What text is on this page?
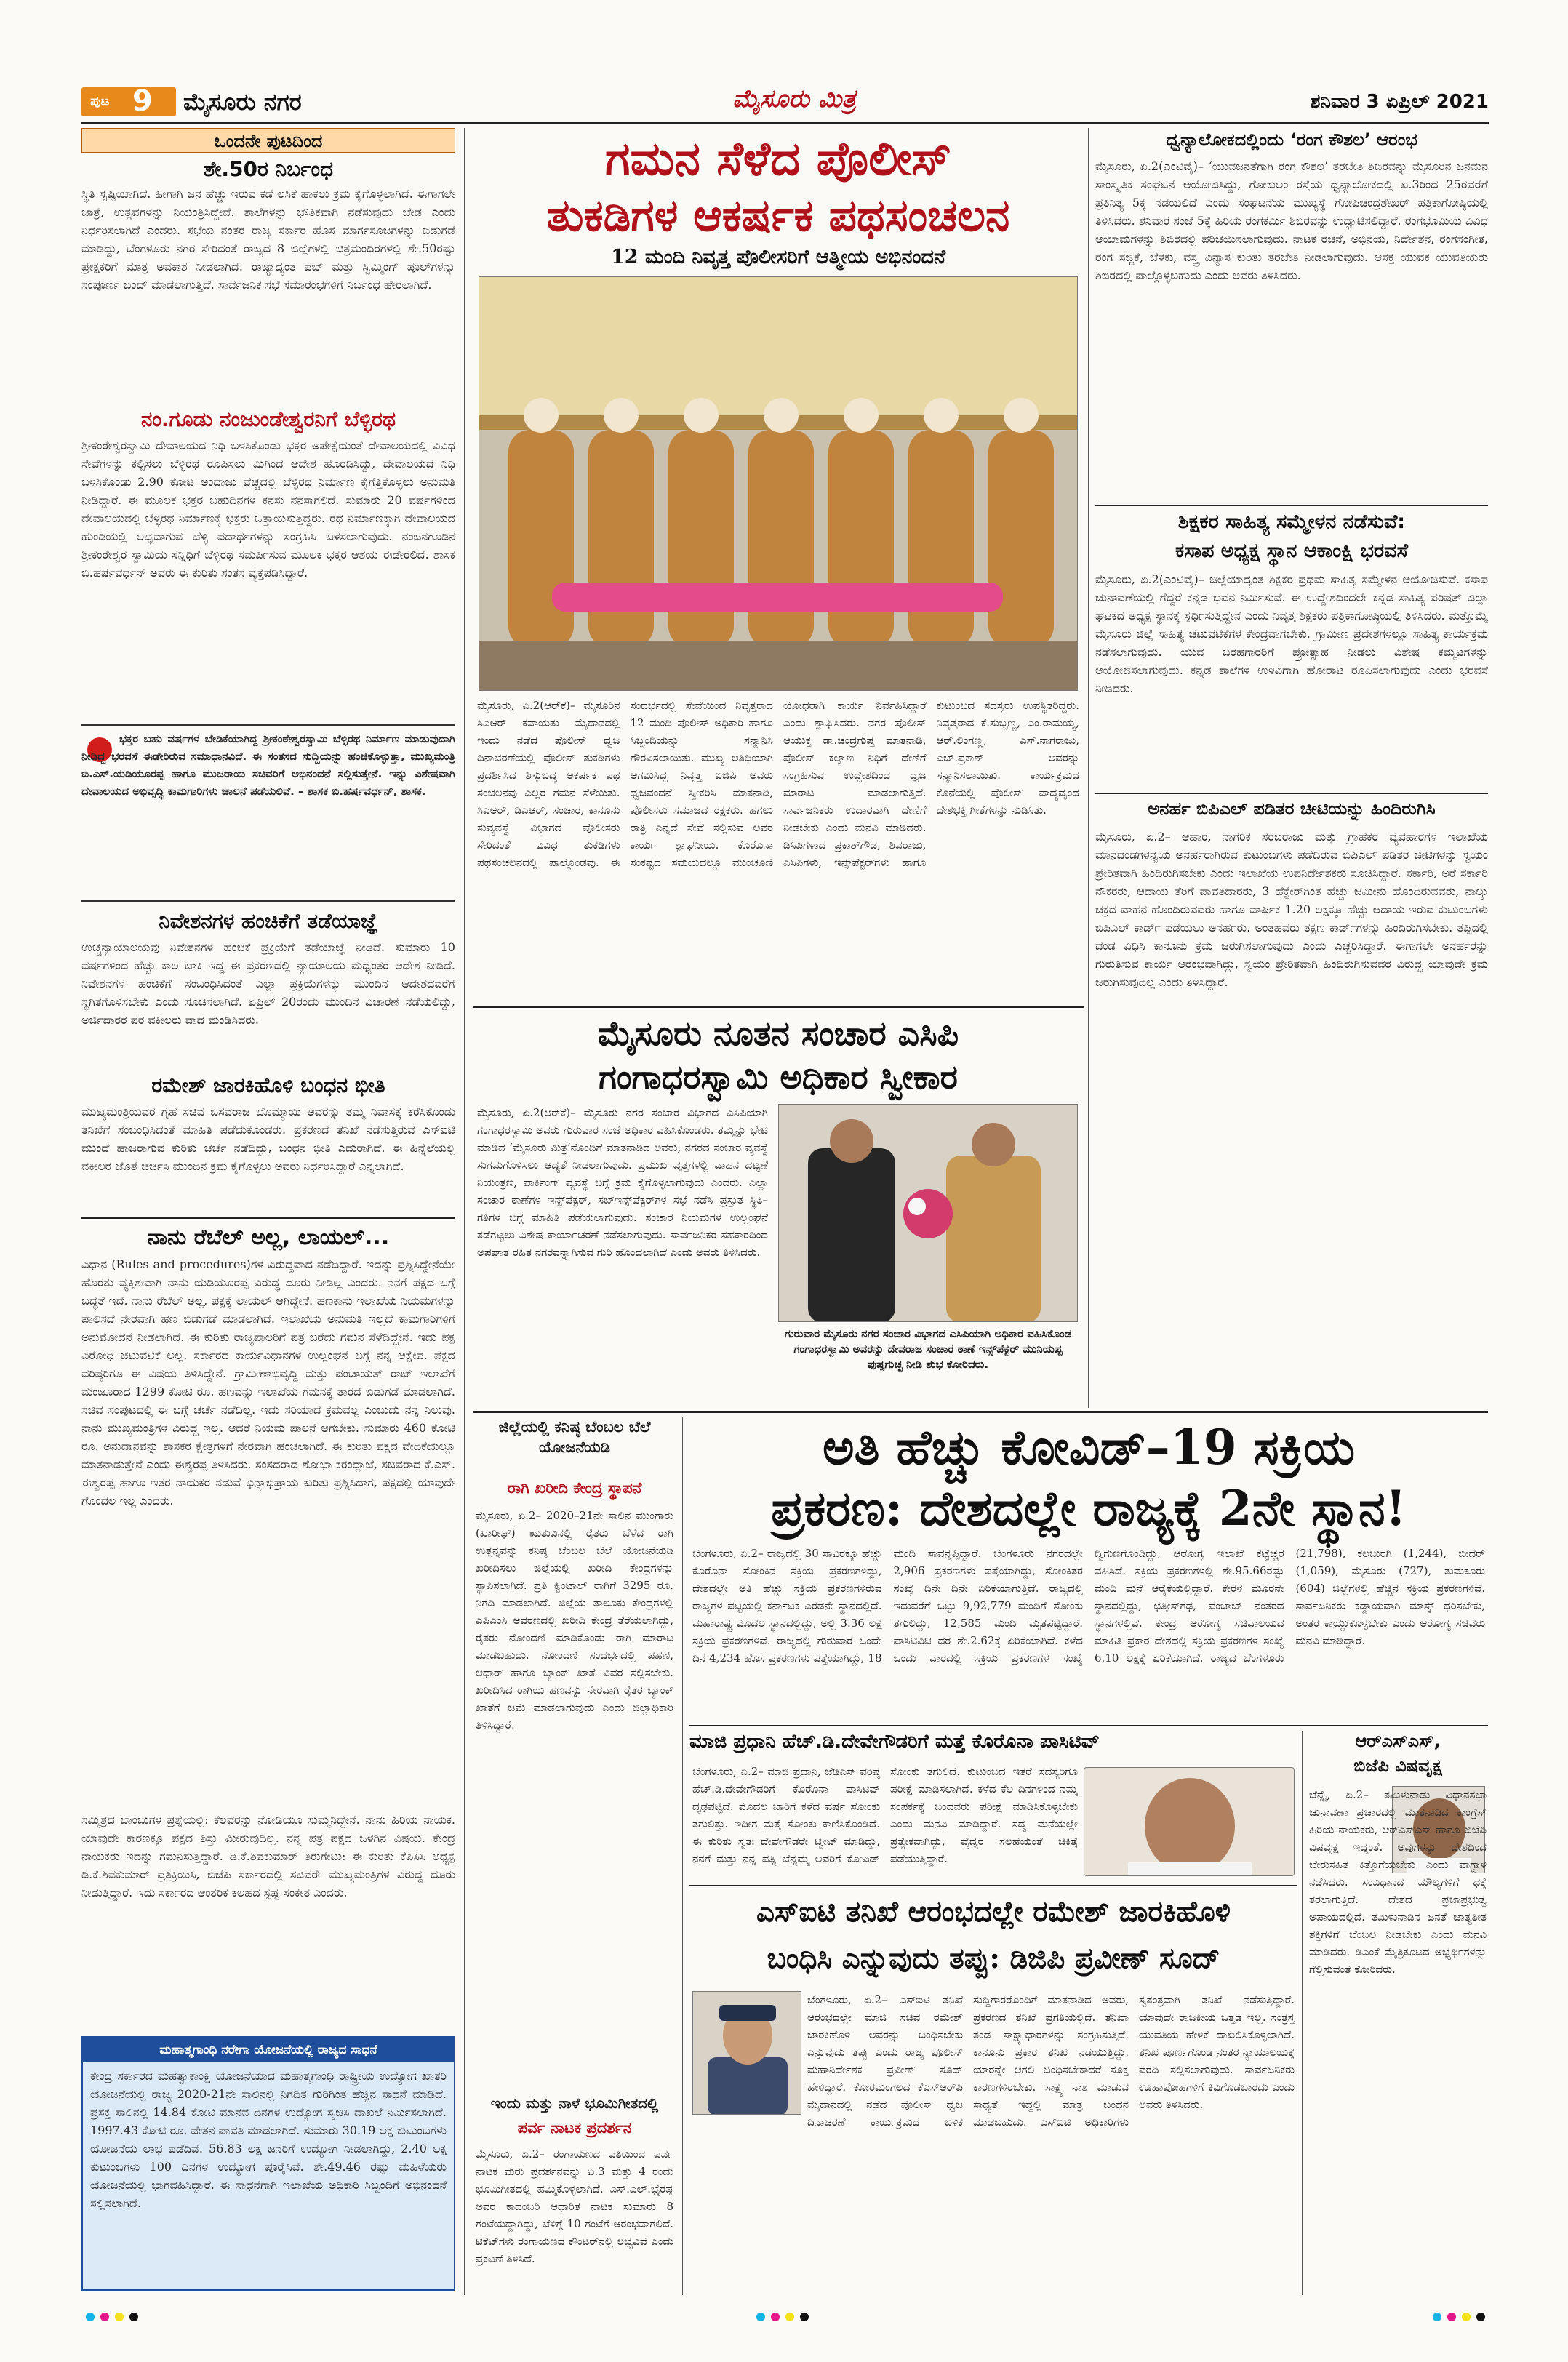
ಪುಟ 9 ಮೈಸೂರು ನಗರ	ಮೈಸೂರು ಮಿತ್ರ	ಶನಿವಾರ 3 ಏಪ್ರಿಲ್ 2021
ಒಂದನೇ ಪುಟದಿಂದ
ಶೇ.50ರ ನಿರ್ಬಂಧ
ಸ್ಥಿತಿ ಸೃಷ್ಟಿಯಾಗಿದೆ. ಹೀಗಾಗಿ ಜನ ಹೆಚ್ಚು ಇರುವ ಕಡೆ ಲಸಿಕೆ ಹಾಕಲು ಕ್ರಮ ಕೈಗೊಳ್ಳಲಾಗಿದೆ. ಈಗಾಗಲೇ ಜಾತ್ರೆ, ಉತ್ಸವಗಳನ್ನು ನಿಯಂತ್ರಿಸಿದ್ದೇವೆ. ಶಾಲೆಗಳನ್ನು ಭೌತಿಕವಾಗಿ ನಡೆಸುವುದು ಬೇಡ ಎಂದು ನಿರ್ಧರಿಸಲಾಗಿದೆ ಎಂದರು. ಸಭೆಯ ನಂತರ ರಾಜ್ಯ ಸರ್ಕಾರ ಹೊಸ ಮಾರ್ಗಸೂಚಿಗಳನ್ನು ಬಿಡುಗಡೆ ಮಾಡಿದ್ದು, ಬೆಂಗಳೂರು ನಗರ ಸೇರಿದಂತೆ ರಾಜ್ಯದ 8 ಜಿಲ್ಲೆಗಳಲ್ಲಿ ಚಿತ್ರಮಂದಿರಗಳಲ್ಲಿ ಶೇ.50ರಷ್ಟು ಪ್ರೇಕ್ಷಕರಿಗೆ ಮಾತ್ರ ಅವಕಾಶ ನೀಡಲಾಗಿದೆ. ರಾಜ್ಯಾದ್ಯಂತ ಪಬ್ ಮತ್ತು ಸ್ವಿಮ್ಮಿಂಗ್ ಪೂಲ್‌ಗಳನ್ನು ಸಂಪೂರ್ಣ ಬಂದ್ ಮಾಡಲಾಗುತ್ತಿದೆ. ಸಾರ್ವಜನಿಕ ಸಭೆ ಸಮಾರಂಭಗಳಿಗೆ ನಿರ್ಬಂಧ ಹೇರಲಾಗಿದೆ.
ನಂ.ಗೂಡು ನಂಜುಂಡೇಶ್ವರನಿಗೆ ಬೆಳ್ಳಿರಥ
ಶ್ರೀಕಂಠೇಶ್ವರಸ್ವಾಮಿ ದೇವಾಲಯದ ನಿಧಿ ಬಳಸಿಕೊಂಡು ಭಕ್ತರ ಅಪೇಕ್ಷೆಯಂತೆ ದೇವಾಲಯದಲ್ಲಿ ವಿವಿಧ ಸೇವೆಗಳನ್ನು ಕಲ್ಪಿಸಲು ಬೆಳ್ಳಿರಥ ರೂಪಿಸಲು ಮಿಗಿಂದ ಆದೇಶ ಹೊರಡಿಸಿದ್ದು, ದೇವಾಲಯದ ನಿಧಿ ಬಳಸಿಕೊಂಡು 2.90 ಕೋಟಿ ಅಂದಾಜು ವೆಚ್ಚದಲ್ಲಿ ಬೆಳ್ಳಿರಥ ನಿರ್ಮಾಣ ಕೈಗೆತ್ತಿಕೊಳ್ಳಲು ಅನುಮತಿ ನೀಡಿದ್ದಾರೆ. ಈ ಮೂಲಕ ಭಕ್ತರ ಬಹುದಿನಗಳ ಕನಸು ನನಸಾಗಲಿದೆ. ಸುಮಾರು 20 ವರ್ಷಗಳಿಂದ ದೇವಾಲಯದಲ್ಲಿ ಬೆಳ್ಳಿರಥ ನಿರ್ಮಾಣಕ್ಕೆ ಭಕ್ತರು ಒತ್ತಾಯಿಸುತ್ತಿದ್ದರು. ರಥ ನಿರ್ಮಾಣಕ್ಕಾಗಿ ದೇವಾಲಯದ ಹುಂಡಿಯಲ್ಲಿ ಲಭ್ಯವಾಗುವ ಬೆಳ್ಳಿ ಪದಾರ್ಥಗಳನ್ನು ಸಂಗ್ರಹಿಸಿ ಬಳಸಲಾಗುವುದು. ನಂಜನಗೂಡಿನ ಶ್ರೀಕಂಠೇಶ್ವರ ಸ್ವಾಮಿಯ ಸನ್ನಿಧಿಗೆ ಬೆಳ್ಳಿರಥ ಸಮರ್ಪಿಸುವ ಮೂಲಕ ಭಕ್ತರ ಆಶಯ ಈಡೇರಲಿದೆ. ಶಾಸಕ ಬಿ.ಹರ್ಷವರ್ಧನ್ ಅವರು ಈ ಕುರಿತು ಸಂತಸ ವ್ಯಕ್ತಪಡಿಸಿದ್ದಾರೆ.
ಭಕ್ತರ ಬಹು ವರ್ಷಗಳ ಬೇಡಿಕೆಯಾಗಿದ್ದ ಶ್ರೀಕಂಠೇಶ್ವರಸ್ವಾಮಿ ಬೆಳ್ಳಿರಥ ನಿರ್ಮಾಣ ಮಾಡುವುದಾಗಿ ನೀಡಿದ್ದ ಭರವಸೆ ಈಡೇರಿರುವ ಸಮಾಧಾನವಿದೆ. ಈ ಸಂತಸದ ಸುದ್ದಿಯನ್ನು ಹಂಚಿಕೊಳ್ಳುತ್ತಾ, ಮುಖ್ಯಮಂತ್ರಿ ಬಿ.ಎಸ್.ಯಡಿಯೂರಪ್ಪ ಹಾಗೂ ಮುಜರಾಯಿ ಸಚಿವರಿಗೆ ಅಭಿನಂದನೆ ಸಲ್ಲಿಸುತ್ತೇನೆ. ಇನ್ನು ವಿಶೇಷವಾಗಿ ದೇವಾಲಯದ ಅಭಿವೃದ್ಧಿ ಕಾಮಗಾರಿಗಳು ಚಾಲನೆ ಪಡೆಯಲಿವೆ. – ಶಾಸಕ ಬಿ.ಹರ್ಷವರ್ಧನ್, ಶಾಸಕ.
ನಿವೇಶನಗಳ ಹಂಚಿಕೆಗೆ ತಡೆಯಾಜ್ಞೆ
ಉಚ್ಚನ್ಯಾಯಾಲಯವು ನಿವೇಶನಗಳ ಹಂಚಿಕೆ ಪ್ರಕ್ರಿಯೆಗೆ ತಡೆಯಾಜ್ಞೆ ನೀಡಿದೆ. ಸುಮಾರು 10 ವರ್ಷಗಳಿಂದ ಹೆಚ್ಚು ಕಾಲ ಬಾಕಿ ಇದ್ದ ಈ ಪ್ರಕರಣದಲ್ಲಿ ನ್ಯಾಯಾಲಯ ಮಧ್ಯಂತರ ಆದೇಶ ನೀಡಿದೆ. ನಿವೇಶನಗಳ ಹಂಚಿಕೆಗೆ ಸಂಬಂಧಿಸಿದಂತೆ ಎಲ್ಲಾ ಪ್ರಕ್ರಿಯೆಗಳನ್ನು ಮುಂದಿನ ಆದೇಶದವರೆಗೆ ಸ್ಥಗಿತಗೊಳಿಸಬೇಕು ಎಂದು ಸೂಚಿಸಲಾಗಿದೆ. ಏಪ್ರಿಲ್ 20ರಂದು ಮುಂದಿನ ವಿಚಾರಣೆ ನಡೆಯಲಿದ್ದು, ಅರ್ಜಿದಾರರ ಪರ ವಕೀಲರು ವಾದ ಮಂಡಿಸಿದರು.
ರಮೇಶ್ ಜಾರಕಿಹೊಳಿ ಬಂಧನ ಭೀತಿ
ಮುಖ್ಯಮಂತ್ರಿಯವರ ಗೃಹ ಸಚಿವ ಬಸವರಾಜ ಬೊಮ್ಮಾಯಿ ಅವರನ್ನು ತಮ್ಮ ನಿವಾಸಕ್ಕೆ ಕರೆಸಿಕೊಂಡು ತನಿಖೆಗೆ ಸಂಬಂಧಿಸಿದಂತೆ ಮಾಹಿತಿ ಪಡೆದುಕೊಂಡರು. ಪ್ರಕರಣದ ತನಿಖೆ ನಡೆಸುತ್ತಿರುವ ಎಸ್‌ಐಟಿ ಮುಂದೆ ಹಾಜರಾಗುವ ಕುರಿತು ಚರ್ಚೆ ನಡೆದಿದ್ದು, ಬಂಧನ ಭೀತಿ ಎದುರಾಗಿದೆ. ಈ ಹಿನ್ನೆಲೆಯಲ್ಲಿ ವಕೀಲರ ಜೊತೆ ಚರ್ಚಿಸಿ ಮುಂದಿನ ಕ್ರಮ ಕೈಗೊಳ್ಳಲು ಅವರು ನಿರ್ಧರಿಸಿದ್ದಾರೆ ಎನ್ನಲಾಗಿದೆ.
ನಾನು ರೆಬೆಲ್ ಅಲ್ಲ, ಲಾಯಲ್...
ವಿಧಾನ (Rules and procedures)ಗಳ ವಿರುದ್ಧವಾದ ನಡೆದಿದ್ದಾರೆ. ಇದನ್ನು ಪ್ರಶ್ನಿಸಿದ್ದೇನೆಯೇ ಹೊರತು ವ್ಯಕ್ತಿಶಃವಾಗಿ ನಾನು ಯಡಿಯೂರಪ್ಪ ವಿರುದ್ಧ ದೂರು ನೀಡಿಲ್ಲ ಎಂದರು. ನನಗೆ ಪಕ್ಷದ ಬಗ್ಗೆ ಬದ್ಧತೆ ಇದೆ. ನಾನು ರೆಬೆಲ್ ಅಲ್ಲ, ಪಕ್ಷಕ್ಕೆ ಲಾಯಲ್ ಆಗಿದ್ದೇನೆ. ಹಣಕಾಸು ಇಲಾಖೆಯ ನಿಯಮಗಳನ್ನು ಪಾಲಿಸದೆ ನೇರವಾಗಿ ಹಣ ಬಿಡುಗಡೆ ಮಾಡಲಾಗಿದೆ. ಇಲಾಖೆಯ ಅನುಮತಿ ಇಲ್ಲದೆ ಕಾಮಗಾರಿಗಳಿಗೆ ಅನುಮೋದನೆ ನೀಡಲಾಗಿದೆ. ಈ ಕುರಿತು ರಾಜ್ಯಪಾಲರಿಗೆ ಪತ್ರ ಬರೆದು ಗಮನ ಸೆಳೆದಿದ್ದೇನೆ. ಇದು ಪಕ್ಷ ವಿರೋಧಿ ಚಟುವಟಿಕೆ ಅಲ್ಲ. ಸರ್ಕಾರದ ಕಾರ್ಯವಿಧಾನಗಳ ಉಲ್ಲಂಘನೆ ಬಗ್ಗೆ ನನ್ನ ಆಕ್ಷೇಪ. ಪಕ್ಷದ ವರಿಷ್ಠರಿಗೂ ಈ ವಿಷಯ ತಿಳಿಸಿದ್ದೇನೆ. ಗ್ರಾಮೀಣಾಭಿವೃದ್ಧಿ ಮತ್ತು ಪಂಚಾಯತ್ ರಾಜ್ ಇಲಾಖೆಗೆ ಮಂಜೂರಾದ 1299 ಕೋಟಿ ರೂ. ಹಣವನ್ನು ಇಲಾಖೆಯ ಗಮನಕ್ಕೆ ತಾರದೆ ಬಿಡುಗಡೆ ಮಾಡಲಾಗಿದೆ. ಸಚಿವ ಸಂಪುಟದಲ್ಲಿ ಈ ಬಗ್ಗೆ ಚರ್ಚೆ ನಡೆದಿಲ್ಲ. ಇದು ಸರಿಯಾದ ಕ್ರಮವಲ್ಲ ಎಂಬುದು ನನ್ನ ನಿಲುವು. ನಾನು ಮುಖ್ಯಮಂತ್ರಿಗಳ ವಿರುದ್ಧ ಇಲ್ಲ. ಆದರೆ ನಿಯಮ ಪಾಲನೆ ಆಗಬೇಕು. ಸುಮಾರು 460 ಕೋಟಿ ರೂ. ಅನುದಾನವನ್ನು ಶಾಸಕರ ಕ್ಷೇತ್ರಗಳಿಗೆ ನೇರವಾಗಿ ಹಂಚಲಾಗಿದೆ. ಈ ಕುರಿತು ಪಕ್ಷದ ವೇದಿಕೆಯಲ್ಲೂ ಮಾತನಾಡುತ್ತೇನೆ ಎಂದು ಈಶ್ವರಪ್ಪ ತಿಳಿಸಿದರು. ಸಂಸದರಾದ ಶೋಭಾ ಕರಂದ್ಲಾಜೆ, ಸಚಿವರಾದ ಕೆ.ಎಸ್. ಈಶ್ವರಪ್ಪ ಹಾಗೂ ಇತರ ನಾಯಕರ ನಡುವೆ ಭಿನ್ನಾಭಿಪ್ರಾಯ ಕುರಿತು ಪ್ರಶ್ನಿಸಿದಾಗ, ಪಕ್ಷದಲ್ಲಿ ಯಾವುದೇ ಗೊಂದಲ ಇಲ್ಲ ಎಂದರು.
ಸಮ್ಮಿಶ್ರದ ಬಾಂಬುಗಳ ಪ್ರಶ್ನೆಯಲ್ಲಿ: ಕೆಲವರನ್ನು ನೋಡಿಯೂ ಸುಮ್ಮನಿದ್ದೇನೆ. ನಾನು ಹಿರಿಯ ನಾಯಕ. ಯಾವುದೇ ಕಾರಣಕ್ಕೂ ಪಕ್ಷದ ಶಿಸ್ತು ಮೀರುವುದಿಲ್ಲ. ನನ್ನ ಪತ್ರ ಪಕ್ಷದ ಒಳಗಿನ ವಿಷಯ. ಕೇಂದ್ರ ನಾಯಕರು ಇದನ್ನು ಗಮನಿಸುತ್ತಿದ್ದಾರೆ. ಡಿ.ಕೆ.ಶಿವಕುಮಾರ್ ತಿರುಗೇಟು: ಈ ಕುರಿತು ಕೆಪಿಸಿಸಿ ಅಧ್ಯಕ್ಷ ಡಿ.ಕೆ.ಶಿವಕುಮಾರ್ ಪ್ರತಿಕ್ರಿಯಿಸಿ, ಬಿಜೆಪಿ ಸರ್ಕಾರದಲ್ಲಿ ಸಚಿವರೇ ಮುಖ್ಯಮಂತ್ರಿಗಳ ವಿರುದ್ಧ ದೂರು ನೀಡುತ್ತಿದ್ದಾರೆ. ಇದು ಸರ್ಕಾರದ ಆಂತರಿಕ ಕಲಹದ ಸ್ಪಷ್ಟ ಸಂಕೇತ ಎಂದರು.
ಮಹಾತ್ಮಗಾಂಧಿ ನರೇಗಾ ಯೋಜನೆಯಲ್ಲಿ ರಾಜ್ಯದ ಸಾಧನೆ
ಕೇಂದ್ರ ಸರ್ಕಾರದ ಮಹತ್ವಾಕಾಂಕ್ಷಿ ಯೋಜನೆಯಾದ ಮಹಾತ್ಮಗಾಂಧಿ ರಾಷ್ಟ್ರೀಯ ಉದ್ಯೋಗ ಖಾತರಿ ಯೋಜನೆಯಲ್ಲಿ ರಾಜ್ಯ 2020-21ನೇ ಸಾಲಿನಲ್ಲಿ ನಿಗದಿತ ಗುರಿಗಿಂತ ಹೆಚ್ಚಿನ ಸಾಧನೆ ಮಾಡಿದೆ. ಪ್ರಸಕ್ತ ಸಾಲಿನಲ್ಲಿ 14.84 ಕೋಟಿ ಮಾನವ ದಿನಗಳ ಉದ್ಯೋಗ ಸೃಜಿಸಿ ದಾಖಲೆ ನಿರ್ಮಿಸಲಾಗಿದೆ. 1997.43 ಕೋಟಿ ರೂ. ವೇತನ ಪಾವತಿ ಮಾಡಲಾಗಿದೆ. ಸುಮಾರು 30.19 ಲಕ್ಷ ಕುಟುಂಬಗಳು ಯೋಜನೆಯ ಲಾಭ ಪಡೆದಿವೆ. 56.83 ಲಕ್ಷ ಜನರಿಗೆ ಉದ್ಯೋಗ ನೀಡಲಾಗಿದ್ದು, 2.40 ಲಕ್ಷ ಕುಟುಂಬಗಳು 100 ದಿನಗಳ ಉದ್ಯೋಗ ಪೂರೈಸಿವೆ. ಶೇ.49.46 ರಷ್ಟು ಮಹಿಳೆಯರು ಯೋಜನೆಯಲ್ಲಿ ಭಾಗವಹಿಸಿದ್ದಾರೆ. ಈ ಸಾಧನೆಗಾಗಿ ಇಲಾಖೆಯ ಅಧಿಕಾರಿ ಸಿಬ್ಬಂದಿಗೆ ಅಭಿನಂದನೆ ಸಲ್ಲಿಸಲಾಗಿದೆ.
ಗಮನ ಸೆಳೆದ ಪೊಲೀಸ್
ತುಕಡಿಗಳ ಆಕರ್ಷಕ ಪಥಸಂಚಲನ
12 ಮಂದಿ ನಿವೃತ್ತ ಪೊಲೀಸರಿಗೆ ಆತ್ಮೀಯ ಅಭಿನಂದನೆ
ಮೈಸೂರು, ಏ.2(ಆರ್‌ಕೆ)– ಮೈಸೂರಿನ ಸಿಎಆರ್ ಕವಾಯತು ಮೈದಾನದಲ್ಲಿ ಇಂದು ನಡೆದ ಪೊಲೀಸ್ ಧ್ವಜ ದಿನಾಚರಣೆಯಲ್ಲಿ ಪೊಲೀಸ್ ತುಕಡಿಗಳು ಪ್ರದರ್ಶಿಸಿದ ಶಿಸ್ತುಬದ್ಧ ಆಕರ್ಷಕ ಪಥ ಸಂಚಲನವು ಎಲ್ಲರ ಗಮನ ಸೆಳೆಯಿತು. ಸಿಎಆರ್, ಡಿಎಆರ್, ಸಂಚಾರ, ಕಾನೂನು ಸುವ್ಯವಸ್ಥೆ ವಿಭಾಗದ ಪೊಲೀಸರು ಸೇರಿದಂತೆ ವಿವಿಧ ತುಕಡಿಗಳು ಪಥಸಂಚಲನದಲ್ಲಿ ಪಾಲ್ಗೊಂಡವು. ಈ ಸಂದರ್ಭದಲ್ಲಿ ಸೇವೆಯಿಂದ ನಿವೃತ್ತರಾದ 12 ಮಂದಿ ಪೊಲೀಸ್ ಅಧಿಕಾರಿ ಹಾಗೂ ಸಿಬ್ಬಂದಿಯನ್ನು ಸನ್ಮಾನಿಸಿ ಗೌರವಿಸಲಾಯಿತು. ಮುಖ್ಯ ಅತಿಥಿಯಾಗಿ ಆಗಮಿಸಿದ್ದ ನಿವೃತ್ತ ಐಜಿಪಿ ಅವರು ಧ್ವಜವಂದನೆ ಸ್ವೀಕರಿಸಿ ಮಾತನಾಡಿ, ಪೊಲೀಸರು ಸಮಾಜದ ರಕ್ಷಕರು. ಹಗಲು ರಾತ್ರಿ ಎನ್ನದೆ ಸೇವೆ ಸಲ್ಲಿಸುವ ಅವರ ಕಾರ್ಯ ಶ್ಲಾಘನೀಯ. ಕೊರೊನಾ ಸಂಕಷ್ಟದ ಸಮಯದಲ್ಲೂ ಮುಂಚೂಣಿ ಯೋಧರಾಗಿ ಕಾರ್ಯ ನಿರ್ವಹಿಸಿದ್ದಾರೆ ಎಂದು ಶ್ಲಾಘಿಸಿದರು. ನಗರ ಪೊಲೀಸ್ ಆಯುಕ್ತ ಡಾ.ಚಂದ್ರಗುಪ್ತ ಮಾತನಾಡಿ, ಪೊಲೀಸ್ ಕಲ್ಯಾಣ ನಿಧಿಗೆ ದೇಣಿಗೆ ಸಂಗ್ರಹಿಸುವ ಉದ್ದೇಶದಿಂದ ಧ್ವಜ ಮಾರಾಟ ಮಾಡಲಾಗುತ್ತಿದೆ. ಸಾರ್ವಜನಿಕರು ಉದಾರವಾಗಿ ದೇಣಿಗೆ ನೀಡಬೇಕು ಎಂದು ಮನವಿ ಮಾಡಿದರು. ಡಿಸಿಪಿಗಳಾದ ಪ್ರಕಾಶ್‌ಗೌಡ, ಶಿವರಾಜು, ಎಸಿಪಿಗಳು, ಇನ್ಸ್‌ಪೆಕ್ಟರ್‌ಗಳು ಹಾಗೂ ಕುಟುಂಬದ ಸದಸ್ಯರು ಉಪಸ್ಥಿತರಿದ್ದರು. ನಿವೃತ್ತರಾದ ಕೆ.ಸುಬ್ಬಣ್ಣ, ಎಂ.ರಾಮಯ್ಯ, ಆರ್.ಲಿಂಗಣ್ಣ, ಎಸ್.ನಾಗರಾಜು, ಎಚ್.ಪ್ರಕಾಶ್ ಅವರನ್ನು ಸನ್ಮಾನಿಸಲಾಯಿತು. ಕಾರ್ಯಕ್ರಮದ ಕೊನೆಯಲ್ಲಿ ಪೊಲೀಸ್ ವಾದ್ಯವೃಂದ ದೇಶಭಕ್ತಿ ಗೀತೆಗಳನ್ನು ನುಡಿಸಿತು.
ಮೈಸೂರು ನೂತನ ಸಂಚಾರ ಎಸಿಪಿ
ಗಂಗಾಧರಸ್ವಾಮಿ ಅಧಿಕಾರ ಸ್ವೀಕಾರ
ಮೈಸೂರು, ಏ.2(ಆರ್‌ಕೆ)– ಮೈಸೂರು ನಗರ ಸಂಚಾರ ವಿಭಾಗದ ಎಸಿಪಿಯಾಗಿ ಗಂಗಾಧರಸ್ವಾಮಿ ಅವರು ಗುರುವಾರ ಸಂಜೆ ಅಧಿಕಾರ ವಹಿಸಿಕೊಂಡರು. ತಮ್ಮನ್ನು ಭೇಟಿ ಮಾಡಿದ ‘ಮೈಸೂರು ಮಿತ್ರ’ನೊಂದಿಗೆ ಮಾತನಾಡಿದ ಅವರು, ನಗರದ ಸಂಚಾರ ವ್ಯವಸ್ಥೆ ಸುಗಮಗೊಳಿಸಲು ಆದ್ಯತೆ ನೀಡಲಾಗುವುದು. ಪ್ರಮುಖ ವೃತ್ತಗಳಲ್ಲಿ ವಾಹನ ದಟ್ಟಣೆ ನಿಯಂತ್ರಣ, ಪಾರ್ಕಿಂಗ್ ವ್ಯವಸ್ಥೆ ಬಗ್ಗೆ ಕ್ರಮ ಕೈಗೊಳ್ಳಲಾಗುವುದು ಎಂದರು. ಎಲ್ಲಾ ಸಂಚಾರ ಠಾಣೆಗಳ ಇನ್ಸ್‌ಪೆಕ್ಟರ್, ಸಬ್‌ಇನ್ಸ್‌ಪೆಕ್ಟರ್‌ಗಳ ಸಭೆ ನಡೆಸಿ ಪ್ರಸ್ತುತ ಸ್ಥಿತಿ–ಗತಿಗಳ ಬಗ್ಗೆ ಮಾಹಿತಿ ಪಡೆಯಲಾಗುವುದು. ಸಂಚಾರ ನಿಯಮಗಳ ಉಲ್ಲಂಘನೆ ತಡೆಗಟ್ಟಲು ವಿಶೇಷ ಕಾರ್ಯಾಚರಣೆ ನಡೆಸಲಾಗುವುದು. ಸಾರ್ವಜನಿಕರ ಸಹಕಾರದಿಂದ ಅಪಘಾತ ರಹಿತ ನಗರವನ್ನಾಗಿಸುವ ಗುರಿ ಹೊಂದಲಾಗಿದೆ ಎಂದು ಅವರು ತಿಳಿಸಿದರು.
ಗುರುವಾರ ಮೈಸೂರು ನಗರ ಸಂಚಾರ ವಿಭಾಗದ ಎಸಿಪಿಯಾಗಿ ಅಧಿಕಾರ ವಹಿಸಿಕೊಂಡ ಗಂಗಾಧರಸ್ವಾಮಿ ಅವರನ್ನು ದೇವರಾಜ ಸಂಚಾರ ಠಾಣೆ ಇನ್ಸ್‌ಪೆಕ್ಟರ್ ಮುನಿಯಪ್ಪ ಪುಷ್ಪಗುಚ್ಛ ನೀಡಿ ಶುಭ ಕೋರಿದರು.
ಧ್ವನ್ಯಾಲೋಕದಲ್ಲಿಂದು ‘ರಂಗ ಕೌಶಲ’ ಆರಂಭ
ಮೈಸೂರು, ಏ.2(ಎಂಟಿವೈ)– ‘ಯುವಜನತೆಗಾಗಿ ರಂಗ ಕೌಶಲ’ ತರಬೇತಿ ಶಿಬಿರವನ್ನು ಮೈಸೂರಿನ ಜನಮನ ಸಾಂಸ್ಕೃತಿಕ ಸಂಘಟನೆ ಆಯೋಜಿಸಿದ್ದು, ಗೋಕುಲಂ ರಸ್ತೆಯ ಧ್ವನ್ಯಾಲೋಕದಲ್ಲಿ ಏ.3ರಿಂದ 25ರವರೆಗೆ ಪ್ರತಿನಿತ್ಯ 5ಕ್ಕೆ ನಡೆಯಲಿದೆ ಎಂದು ಸಂಘಟನೆಯ ಮುಖ್ಯಸ್ಥೆ ಗೋಪಿಚಂದ್ರಶೇಖರ್ ಪತ್ರಿಕಾಗೋಷ್ಠಿಯಲ್ಲಿ ತಿಳಿಸಿದರು. ಶನಿವಾರ ಸಂಜೆ 5ಕ್ಕೆ ಹಿರಿಯ ರಂಗಕರ್ಮಿ ಶಿಬಿರವನ್ನು ಉದ್ಘಾಟಿಸಲಿದ್ದಾರೆ. ರಂಗಭೂಮಿಯ ವಿವಿಧ ಆಯಾಮಗಳನ್ನು ಶಿಬಿರದಲ್ಲಿ ಪರಿಚಯಿಸಲಾಗುವುದು. ನಾಟಕ ರಚನೆ, ಅಭಿನಯ, ನಿರ್ದೇಶನ, ರಂಗಸಂಗೀತ, ರಂಗ ಸಜ್ಜಿಕೆ, ಬೆಳಕು, ವಸ್ತ್ರ ವಿನ್ಯಾಸ ಕುರಿತು ತರಬೇತಿ ನೀಡಲಾಗುವುದು. ಆಸಕ್ತ ಯುವಕ ಯುವತಿಯರು ಶಿಬಿರದಲ್ಲಿ ಪಾಲ್ಗೊಳ್ಳಬಹುದು ಎಂದು ಅವರು ತಿಳಿಸಿದರು.
ಶಿಕ್ಷಕರ ಸಾಹಿತ್ಯ ಸಮ್ಮೇಳನ ನಡೆಸುವೆ:
ಕಸಾಪ ಅಧ್ಯಕ್ಷ ಸ್ಥಾನ ಆಕಾಂಕ್ಷಿ ಭರವಸೆ
ಮೈಸೂರು, ಏ.2(ಎಂಟಿವೈ)– ಜಿಲ್ಲೆಯಾದ್ಯಂತ ಶಿಕ್ಷಕರ ಪ್ರಥಮ ಸಾಹಿತ್ಯ ಸಮ್ಮೇಳನ ಆಯೋಜಿಸುವೆ. ಕಸಾಪ ಚುನಾವಣೆಯಲ್ಲಿ ಗೆದ್ದರೆ ಕನ್ನಡ ಭವನ ನಿರ್ಮಿಸುವೆ. ಈ ಉದ್ದೇಶದಿಂದಲೇ ಕನ್ನಡ ಸಾಹಿತ್ಯ ಪರಿಷತ್ ಜಿಲ್ಲಾ ಘಟಕದ ಅಧ್ಯಕ್ಷ ಸ್ಥಾನಕ್ಕೆ ಸ್ಪರ್ಧಿಸುತ್ತಿದ್ದೇನೆ ಎಂದು ನಿವೃತ್ತ ಶಿಕ್ಷಕರು ಪತ್ರಿಕಾಗೋಷ್ಠಿಯಲ್ಲಿ ತಿಳಿಸಿದರು. ಮತ್ತೊಮ್ಮೆ ಮೈಸೂರು ಜಿಲ್ಲೆ ಸಾಹಿತ್ಯ ಚಟುವಟಿಕೆಗಳ ಕೇಂದ್ರವಾಗಬೇಕು. ಗ್ರಾಮೀಣ ಪ್ರದೇಶಗಳಲ್ಲೂ ಸಾಹಿತ್ಯ ಕಾರ್ಯಕ್ರಮ ನಡೆಸಲಾಗುವುದು. ಯುವ ಬರಹಗಾರರಿಗೆ ಪ್ರೋತ್ಸಾಹ ನೀಡಲು ವಿಶೇಷ ಕಮ್ಮಟಗಳನ್ನು ಆಯೋಜಿಸಲಾಗುವುದು. ಕನ್ನಡ ಶಾಲೆಗಳ ಉಳಿವಿಗಾಗಿ ಹೋರಾಟ ರೂಪಿಸಲಾಗುವುದು ಎಂದು ಭರವಸೆ ನೀಡಿದರು.
ಅನರ್ಹ ಬಿಪಿಎಲ್ ಪಡಿತರ ಚೀಟಿಯನ್ನು ಹಿಂದಿರುಗಿಸಿ
ಮೈಸೂರು, ಏ.2– ಆಹಾರ, ನಾಗರಿಕ ಸರಬರಾಜು ಮತ್ತು ಗ್ರಾಹಕರ ವ್ಯವಹಾರಗಳ ಇಲಾಖೆಯ ಮಾನದಂಡಗಳನ್ವಯ ಅನರ್ಹರಾಗಿರುವ ಕುಟುಂಬಗಳು ಪಡೆದಿರುವ ಬಿಪಿಎಲ್ ಪಡಿತರ ಚೀಟಿಗಳನ್ನು ಸ್ವಯಂ ಪ್ರೇರಿತವಾಗಿ ಹಿಂದಿರುಗಿಸಬೇಕು ಎಂದು ಇಲಾಖೆಯ ಉಪನಿರ್ದೇಶಕರು ಸೂಚಿಸಿದ್ದಾರೆ. ಸರ್ಕಾರಿ, ಅರೆ ಸರ್ಕಾರಿ ನೌಕರರು, ಆದಾಯ ತೆರಿಗೆ ಪಾವತಿದಾರರು, 3 ಹೆಕ್ಟೇರ್‌ಗಿಂತ ಹೆಚ್ಚು ಜಮೀನು ಹೊಂದಿರುವವರು, ನಾಲ್ಕು ಚಕ್ರದ ವಾಹನ ಹೊಂದಿರುವವರು ಹಾಗೂ ವಾರ್ಷಿಕ 1.20 ಲಕ್ಷಕ್ಕೂ ಹೆಚ್ಚು ಆದಾಯ ಇರುವ ಕುಟುಂಬಗಳು ಬಿಪಿಎಲ್ ಕಾರ್ಡ್ ಪಡೆಯಲು ಅನರ್ಹರು. ಅಂತಹವರು ತಕ್ಷಣ ಕಾರ್ಡ್‌ಗಳನ್ನು ಹಿಂದಿರುಗಿಸಬೇಕು. ತಪ್ಪಿದಲ್ಲಿ ದಂಡ ವಿಧಿಸಿ ಕಾನೂನು ಕ್ರಮ ಜರುಗಿಸಲಾಗುವುದು ಎಂದು ಎಚ್ಚರಿಸಿದ್ದಾರೆ. ಈಗಾಗಲೇ ಅನರ್ಹರನ್ನು ಗುರುತಿಸುವ ಕಾರ್ಯ ಆರಂಭವಾಗಿದ್ದು, ಸ್ವಯಂ ಪ್ರೇರಿತವಾಗಿ ಹಿಂದಿರುಗಿಸುವವರ ವಿರುದ್ಧ ಯಾವುದೇ ಕ್ರಮ ಜರುಗಿಸುವುದಿಲ್ಲ ಎಂದು ತಿಳಿಸಿದ್ದಾರೆ.
ಜಿಲ್ಲೆಯಲ್ಲಿ ಕನಿಷ್ಠ ಬೆಂಬಲ ಬೆಲೆ ಯೋಜನೆಯಡಿ
ರಾಗಿ ಖರೀದಿ ಕೇಂದ್ರ ಸ್ಥಾಪನೆ
ಮೈಸೂರು, ಏ.2– 2020–21ನೇ ಸಾಲಿನ ಮುಂಗಾರು (ಖಾರೀಫ್) ಋತುವಿನಲ್ಲಿ ರೈತರು ಬೆಳೆದ ರಾಗಿ ಉತ್ಪನ್ನವನ್ನು ಕನಿಷ್ಠ ಬೆಂಬಲ ಬೆಲೆ ಯೋಜನೆಯಡಿ ಖರೀದಿಸಲು ಜಿಲ್ಲೆಯಲ್ಲಿ ಖರೀದಿ ಕೇಂದ್ರಗಳನ್ನು ಸ್ಥಾಪಿಸಲಾಗಿದೆ. ಪ್ರತಿ ಕ್ವಿಂಟಾಲ್ ರಾಗಿಗೆ 3295 ರೂ. ನಿಗದಿ ಮಾಡಲಾಗಿದೆ. ಜಿಲ್ಲೆಯ ತಾಲೂಕು ಕೇಂದ್ರಗಳಲ್ಲಿ ಎಪಿಎಂಸಿ ಆವರಣದಲ್ಲಿ ಖರೀದಿ ಕೇಂದ್ರ ತೆರೆಯಲಾಗಿದ್ದು, ರೈತರು ನೋಂದಣಿ ಮಾಡಿಕೊಂಡು ರಾಗಿ ಮಾರಾಟ ಮಾಡಬಹುದು. ನೋಂದಣಿ ಸಂದರ್ಭದಲ್ಲಿ ಪಹಣಿ, ಆಧಾರ್ ಹಾಗೂ ಬ್ಯಾಂಕ್ ಖಾತೆ ವಿವರ ಸಲ್ಲಿಸಬೇಕು. ಖರೀದಿಸಿದ ರಾಗಿಯ ಹಣವನ್ನು ನೇರವಾಗಿ ರೈತರ ಬ್ಯಾಂಕ್ ಖಾತೆಗೆ ಜಮೆ ಮಾಡಲಾಗುವುದು ಎಂದು ಜಿಲ್ಲಾಧಿಕಾರಿ ತಿಳಿಸಿದ್ದಾರೆ.
ಇಂದು ಮತ್ತು ನಾಳೆ ಭೂಮಿಗೀತದಲ್ಲಿ
ಪರ್ವ ನಾಟಕ ಪ್ರದರ್ಶನ
ಮೈಸೂರು, ಏ.2– ರಂಗಾಯಣದ ವತಿಯಿಂದ ಪರ್ವ ನಾಟಕ ಮರು ಪ್ರದರ್ಶನವನ್ನು ಏ.3 ಮತ್ತು 4 ರಂದು ಭೂಮಿಗೀತದಲ್ಲಿ ಹಮ್ಮಿಕೊಳ್ಳಲಾಗಿದೆ. ಎಸ್.ಎಲ್.ಭೈರಪ್ಪ ಅವರ ಕಾದಂಬರಿ ಆಧಾರಿತ ನಾಟಕ ಸುಮಾರು 8 ಗಂಟೆಯದ್ದಾಗಿದ್ದು, ಬೆಳಿಗ್ಗೆ 10 ಗಂಟೆಗೆ ಆರಂಭವಾಗಲಿದೆ. ಟಿಕೆಟ್‌ಗಳು ರಂಗಾಯಣದ ಕೌಂಟರ್‌ನಲ್ಲಿ ಲಭ್ಯವಿವೆ ಎಂದು ಪ್ರಕಟಣೆ ತಿಳಿಸಿದೆ.
ಅತಿ ಹೆಚ್ಚು ಕೋವಿಡ್–19 ಸಕ್ರಿಯ
ಪ್ರಕರಣ: ದೇಶದಲ್ಲೇ ರಾಜ್ಯಕ್ಕೆ 2ನೇ ಸ್ಥಾನ!
ಬೆಂಗಳೂರು, ಏ.2– ರಾಜ್ಯದಲ್ಲಿ 30 ಸಾವಿರಕ್ಕೂ ಹೆಚ್ಚು ಕೊರೊನಾ ಸೋಂಕಿನ ಸಕ್ರಿಯ ಪ್ರಕರಣಗಳಿದ್ದು, ದೇಶದಲ್ಲೇ ಅತಿ ಹೆಚ್ಚು ಸಕ್ರಿಯ ಪ್ರಕರಣಗಳಿರುವ ರಾಜ್ಯಗಳ ಪಟ್ಟಿಯಲ್ಲಿ ಕರ್ನಾಟಕ ಎರಡನೇ ಸ್ಥಾನದಲ್ಲಿದೆ. ಮಹಾರಾಷ್ಟ್ರ ಮೊದಲ ಸ್ಥಾನದಲ್ಲಿದ್ದು, ಅಲ್ಲಿ 3.36 ಲಕ್ಷ ಸಕ್ರಿಯ ಪ್ರಕರಣಗಳಿವೆ. ರಾಜ್ಯದಲ್ಲಿ ಗುರುವಾರ ಒಂದೇ ದಿನ 4,234 ಹೊಸ ಪ್ರಕರಣಗಳು ಪತ್ತೆಯಾಗಿದ್ದು, 18 ಮಂದಿ ಸಾವನ್ನಪ್ಪಿದ್ದಾರೆ. ಬೆಂಗಳೂರು ನಗರದಲ್ಲೇ 2,906 ಪ್ರಕರಣಗಳು ಪತ್ತೆಯಾಗಿದ್ದು, ಸೋಂಕಿತರ ಸಂಖ್ಯೆ ದಿನೇ ದಿನೇ ಏರಿಕೆಯಾಗುತ್ತಿದೆ. ರಾಜ್ಯದಲ್ಲಿ ಇದುವರೆಗೆ ಒಟ್ಟು 9,92,779 ಮಂದಿಗೆ ಸೋಂಕು ತಗುಲಿದ್ದು, 12,585 ಮಂದಿ ಮೃತಪಟ್ಟಿದ್ದಾರೆ. ಪಾಸಿಟಿವಿಟಿ ದರ ಶೇ.2.62ಕ್ಕೆ ಏರಿಕೆಯಾಗಿದೆ. ಕಳೆದ ಒಂದು ವಾರದಲ್ಲಿ ಸಕ್ರಿಯ ಪ್ರಕರಣಗಳ ಸಂಖ್ಯೆ ದ್ವಿಗುಣಗೊಂಡಿದ್ದು, ಆರೋಗ್ಯ ಇಲಾಖೆ ಕಟ್ಟೆಚ್ಚರ ವಹಿಸಿದೆ. ಸಕ್ರಿಯ ಪ್ರಕರಣಗಳಲ್ಲಿ ಶೇ.95.66ರಷ್ಟು ಮಂದಿ ಮನೆ ಆರೈಕೆಯಲ್ಲಿದ್ದಾರೆ. ಕೇರಳ ಮೂರನೇ ಸ್ಥಾನದಲ್ಲಿದ್ದು, ಛತ್ತೀಸ್‌ಗಢ, ಪಂಜಾಬ್ ನಂತರದ ಸ್ಥಾನಗಳಲ್ಲಿವೆ. ಕೇಂದ್ರ ಆರೋಗ್ಯ ಸಚಿವಾಲಯದ ಮಾಹಿತಿ ಪ್ರಕಾರ ದೇಶದಲ್ಲಿ ಸಕ್ರಿಯ ಪ್ರಕರಣಗಳ ಸಂಖ್ಯೆ 6.10 ಲಕ್ಷಕ್ಕೆ ಏರಿಕೆಯಾಗಿದೆ. ರಾಜ್ಯದ ಬೆಂಗಳೂರು (21,798), ಕಲಬುರಗಿ (1,244), ಬೀದರ್ (1,059), ಮೈಸೂರು (727), ತುಮಕೂರು (604) ಜಿಲ್ಲೆಗಳಲ್ಲಿ ಹೆಚ್ಚಿನ ಸಕ್ರಿಯ ಪ್ರಕರಣಗಳಿವೆ. ಸಾರ್ವಜನಿಕರು ಕಡ್ಡಾಯವಾಗಿ ಮಾಸ್ಕ್ ಧರಿಸಬೇಕು, ಅಂತರ ಕಾಯ್ದುಕೊಳ್ಳಬೇಕು ಎಂದು ಆರೋಗ್ಯ ಸಚಿವರು ಮನವಿ ಮಾಡಿದ್ದಾರೆ.
ಮಾಜಿ ಪ್ರಧಾನಿ ಹೆಚ್.ಡಿ.ದೇವೇಗೌಡರಿಗೆ ಮತ್ತೆ ಕೊರೊನಾ ಪಾಸಿಟಿವ್
ಬೆಂಗಳೂರು, ಏ.2– ಮಾಜಿ ಪ್ರಧಾನಿ, ಜೆಡಿಎಸ್ ವರಿಷ್ಠ ಹೆಚ್.ಡಿ.ದೇವೇಗೌಡರಿಗೆ ಕೊರೊನಾ ಪಾಸಿಟಿವ್ ದೃಢಪಟ್ಟಿದೆ. ಮೊದಲ ಬಾರಿಗೆ ಕಳೆದ ವರ್ಷ ಸೋಂಕು ತಗುಲಿತ್ತು. ಇದೀಗ ಮತ್ತೆ ಸೋಂಕು ಕಾಣಿಸಿಕೊಂಡಿದೆ. ಈ ಕುರಿತು ಸ್ವತಃ ದೇವೇಗೌಡರೇ ಟ್ವೀಟ್ ಮಾಡಿದ್ದು, ನನಗೆ ಮತ್ತು ನನ್ನ ಪತ್ನಿ ಚೆನ್ನಮ್ಮ ಅವರಿಗೆ ಕೋವಿಡ್ ಸೋಂಕು ತಗುಲಿದೆ. ಕುಟುಂಬದ ಇತರೆ ಸದಸ್ಯರಿಗೂ ಪರೀಕ್ಷೆ ಮಾಡಿಸಲಾಗಿದೆ. ಕಳೆದ ಕೆಲ ದಿನಗಳಿಂದ ನಮ್ಮ ಸಂಪರ್ಕಕ್ಕೆ ಬಂದವರು ಪರೀಕ್ಷೆ ಮಾಡಿಸಿಕೊಳ್ಳಬೇಕು ಎಂದು ಮನವಿ ಮಾಡಿದ್ದಾರೆ. ಸದ್ಯ ಮನೆಯಲ್ಲೇ ಪ್ರತ್ಯೇಕವಾಗಿದ್ದು, ವೈದ್ಯರ ಸಲಹೆಯಂತೆ ಚಿಕಿತ್ಸೆ ಪಡೆಯುತ್ತಿದ್ದಾರೆ.
ಆರ್‌ಎಸ್‌ಎಸ್,
ಬಿಜೆಪಿ ವಿಷವೃಕ್ಷ
ಚೆನ್ನೈ, ಏ.2– ತಮಿಳುನಾಡು ವಿಧಾನಸಭಾ ಚುನಾವಣಾ ಪ್ರಚಾರದಲ್ಲಿ ಮಾತನಾಡಿದ ಕಾಂಗ್ರೆಸ್ ಹಿರಿಯ ನಾಯಕರು, ಆರ್‌ಎಸ್‌ಎಸ್ ಹಾಗೂ ಬಿಜೆಪಿ ವಿಷವೃಕ್ಷ ಇದ್ದಂತೆ. ಅವುಗಳನ್ನು ದೇಶದಿಂದ ಬೇರುಸಹಿತ ಕಿತ್ತೊಗೆಯಬೇಕು ಎಂದು ವಾಗ್ದಾಳಿ ನಡೆಸಿದರು. ಸಂವಿಧಾನದ ಮೌಲ್ಯಗಳಿಗೆ ಧಕ್ಕೆ ತರಲಾಗುತ್ತಿದೆ. ದೇಶದ ಪ್ರಜಾಪ್ರಭುತ್ವ ಅಪಾಯದಲ್ಲಿದೆ. ತಮಿಳುನಾಡಿನ ಜನತೆ ಜಾತ್ಯತೀತ ಶಕ್ತಿಗಳಿಗೆ ಬೆಂಬಲ ನೀಡಬೇಕು ಎಂದು ಮನವಿ ಮಾಡಿದರು. ಡಿಎಂಕೆ ಮೈತ್ರಿಕೂಟದ ಅಭ್ಯರ್ಥಿಗಳನ್ನು ಗೆಲ್ಲಿಸುವಂತೆ ಕೋರಿದರು.
ಎಸ್‌ಐಟಿ ತನಿಖೆ ಆರಂಭದಲ್ಲೇ ರಮೇಶ್ ಜಾರಕಿಹೊಳಿ
ಬಂಧಿಸಿ ಎನ್ನುವುದು ತಪ್ಪು: ಡಿಜಿಪಿ ಪ್ರವೀಣ್ ಸೂದ್
ಬೆಂಗಳೂರು, ಏ.2– ಎಸ್‌ಐಟಿ ತನಿಖೆ ಆರಂಭದಲ್ಲೇ ಮಾಜಿ ಸಚಿವ ರಮೇಶ್ ಜಾರಕಿಹೊಳಿ ಅವರನ್ನು ಬಂಧಿಸಬೇಕು ಎನ್ನುವುದು ತಪ್ಪು ಎಂದು ರಾಜ್ಯ ಪೊಲೀಸ್ ಮಹಾನಿರ್ದೇಶಕ ಪ್ರವೀಣ್ ಸೂದ್ ಹೇಳಿದ್ದಾರೆ. ಕೋರಮಂಗಲದ ಕೆಎಸ್‌ಆರ್‌ಪಿ ಮೈದಾನದಲ್ಲಿ ನಡೆದ ಪೊಲೀಸ್ ಧ್ವಜ ದಿನಾಚರಣೆ ಕಾರ್ಯಕ್ರಮದ ಬಳಿಕ ಸುದ್ದಿಗಾರರೊಂದಿಗೆ ಮಾತನಾಡಿದ ಅವರು, ಪ್ರಕರಣದ ತನಿಖೆ ಪ್ರಗತಿಯಲ್ಲಿದೆ. ತನಿಖಾ ತಂಡ ಸಾಕ್ಷ್ಯಾಧಾರಗಳನ್ನು ಸಂಗ್ರಹಿಸುತ್ತಿದೆ. ಕಾನೂನು ಪ್ರಕಾರ ತನಿಖೆ ನಡೆಯುತ್ತಿದ್ದು, ಯಾರನ್ನೇ ಆಗಲಿ ಬಂಧಿಸಬೇಕಾದರೆ ಸೂಕ್ತ ಕಾರಣಗಳಿರಬೇಕು. ಸಾಕ್ಷ್ಯ ನಾಶ ಮಾಡುವ ಸಾಧ್ಯತೆ ಇದ್ದಲ್ಲಿ ಮಾತ್ರ ಬಂಧನ ಮಾಡಬಹುದು. ಎಸ್‌ಐಟಿ ಅಧಿಕಾರಿಗಳು ಸ್ವತಂತ್ರವಾಗಿ ತನಿಖೆ ನಡೆಸುತ್ತಿದ್ದಾರೆ. ಯಾವುದೇ ರಾಜಕೀಯ ಒತ್ತಡ ಇಲ್ಲ. ಸಂತ್ರಸ್ತ ಯುವತಿಯ ಹೇಳಿಕೆ ದಾಖಲಿಸಿಕೊಳ್ಳಲಾಗಿದೆ. ತನಿಖೆ ಪೂರ್ಣಗೊಂಡ ನಂತರ ನ್ಯಾಯಾಲಯಕ್ಕೆ ವರದಿ ಸಲ್ಲಿಸಲಾಗುವುದು. ಸಾರ್ವಜನಿಕರು ಊಹಾಪೋಹಗಳಿಗೆ ಕಿವಿಗೊಡಬಾರದು ಎಂದು ಅವರು ತಿಳಿಸಿದರು.
